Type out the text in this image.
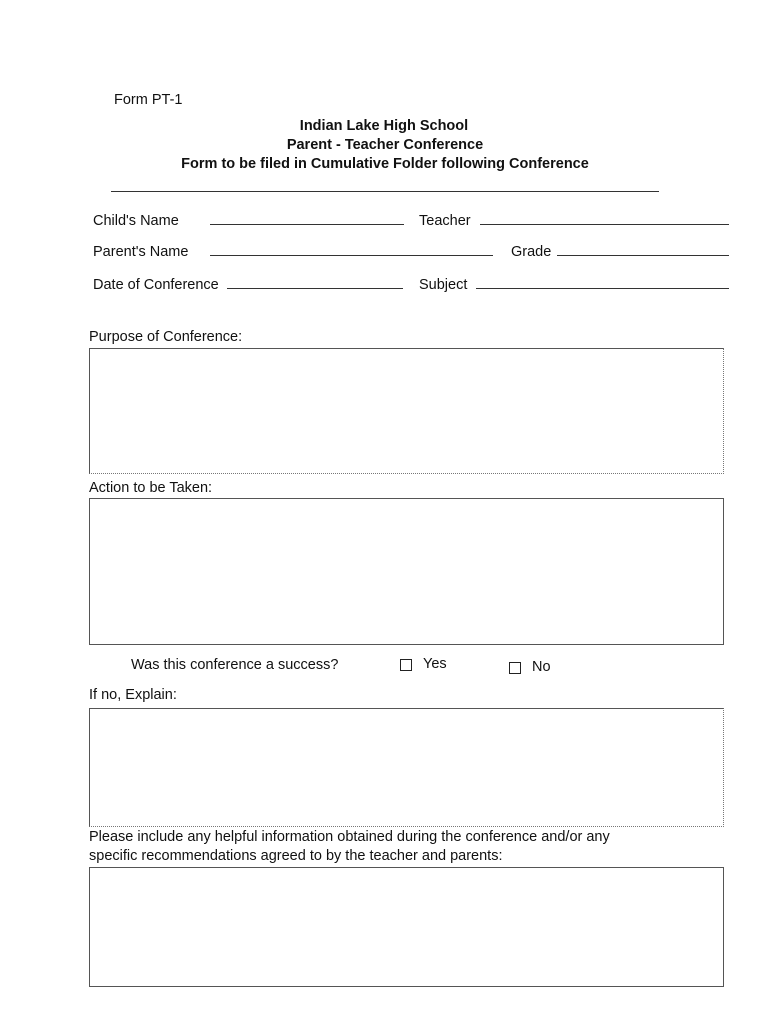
Form PT-1
Indian Lake High School
Parent - Teacher Conference
Form to be filed in Cumulative Folder following Conference
Child's Name	Teacher
Parent's Name	Grade
Date of Conference	Subject
Purpose of Conference:
Action to be Taken:
Was this conference a success?	Yes	No
If no, Explain:
Please include any helpful information obtained during the conference and/or any
specific recommendations agreed to by the teacher and parents:
